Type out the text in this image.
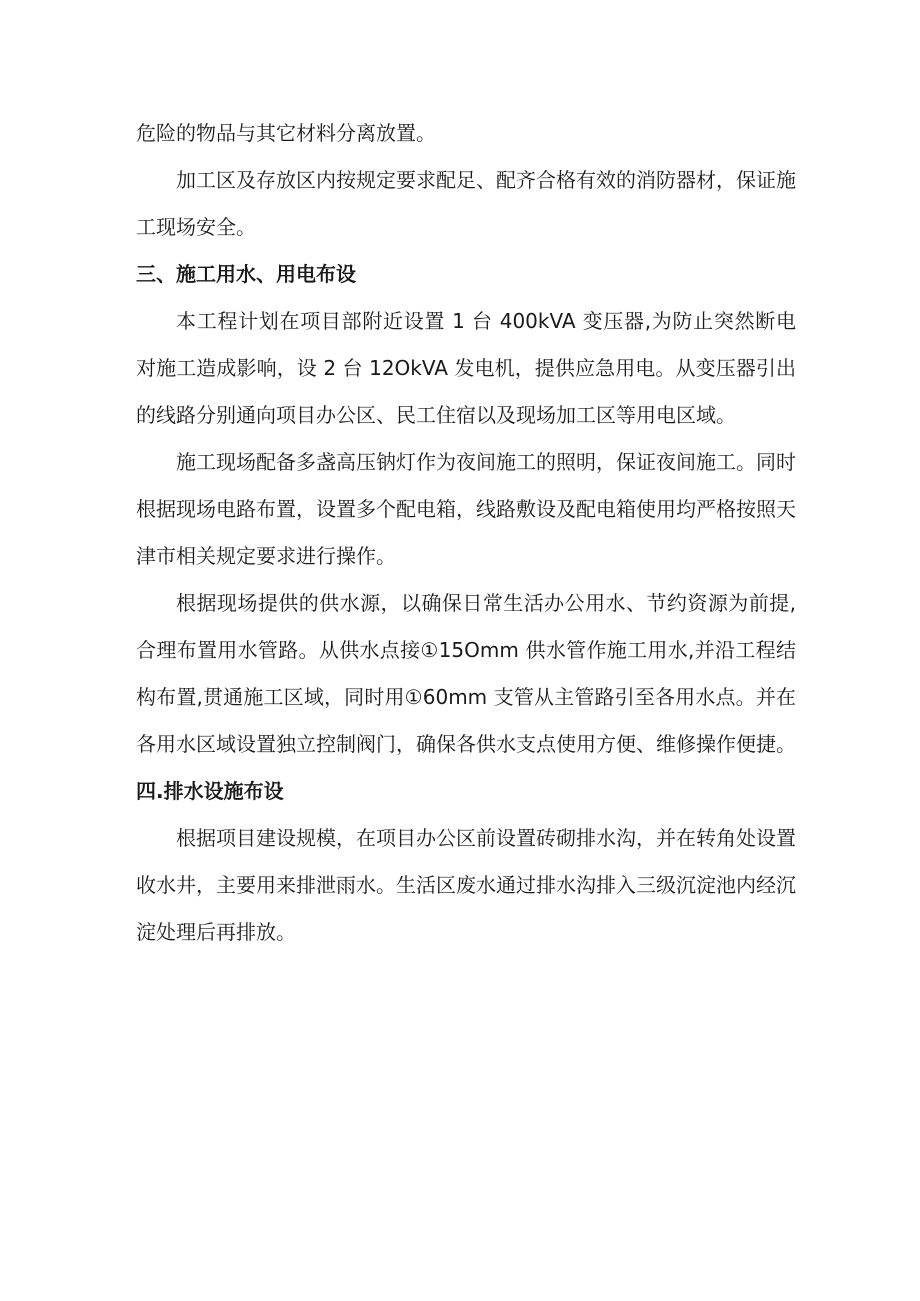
危险的物品与其它材料分离放置。

加工区及存放区内按规定要求配足、配齐合格有效的消防器材，保证施工现场安全。

三、施工用水、用电布设

本工程计划在项目部附近设置 1 台 400kVA 变压器,为防止突然断电对施工造成影响，设 2 台 12OkVA 发电机，提供应急用电。从变压器引出的线路分别通向项目办公区、民工住宿以及现场加工区等用电区域。

施工现场配备多盏高压钠灯作为夜间施工的照明，保证夜间施工。同时根据现场电路布置，设置多个配电箱，线路敷设及配电箱使用均严格按照天津市相关规定要求进行操作。

根据现场提供的供水源，以确保日常生活办公用水、节约资源为前提,合理布置用水管路。从供水点接①15Omm 供水管作施工用水,并沿工程结构布置,贯通施工区域，同时用①60mm 支管从主管路引至各用水点。并在各用水区域设置独立控制阀门，确保各供水支点使用方便、维修操作便捷。

四.排水设施布设

根据项目建设规模，在项目办公区前设置砖砌排水沟，并在转角处设置收水井，主要用来排泄雨水。生活区废水通过排水沟排入三级沉淀池内经沉淀处理后再排放。
